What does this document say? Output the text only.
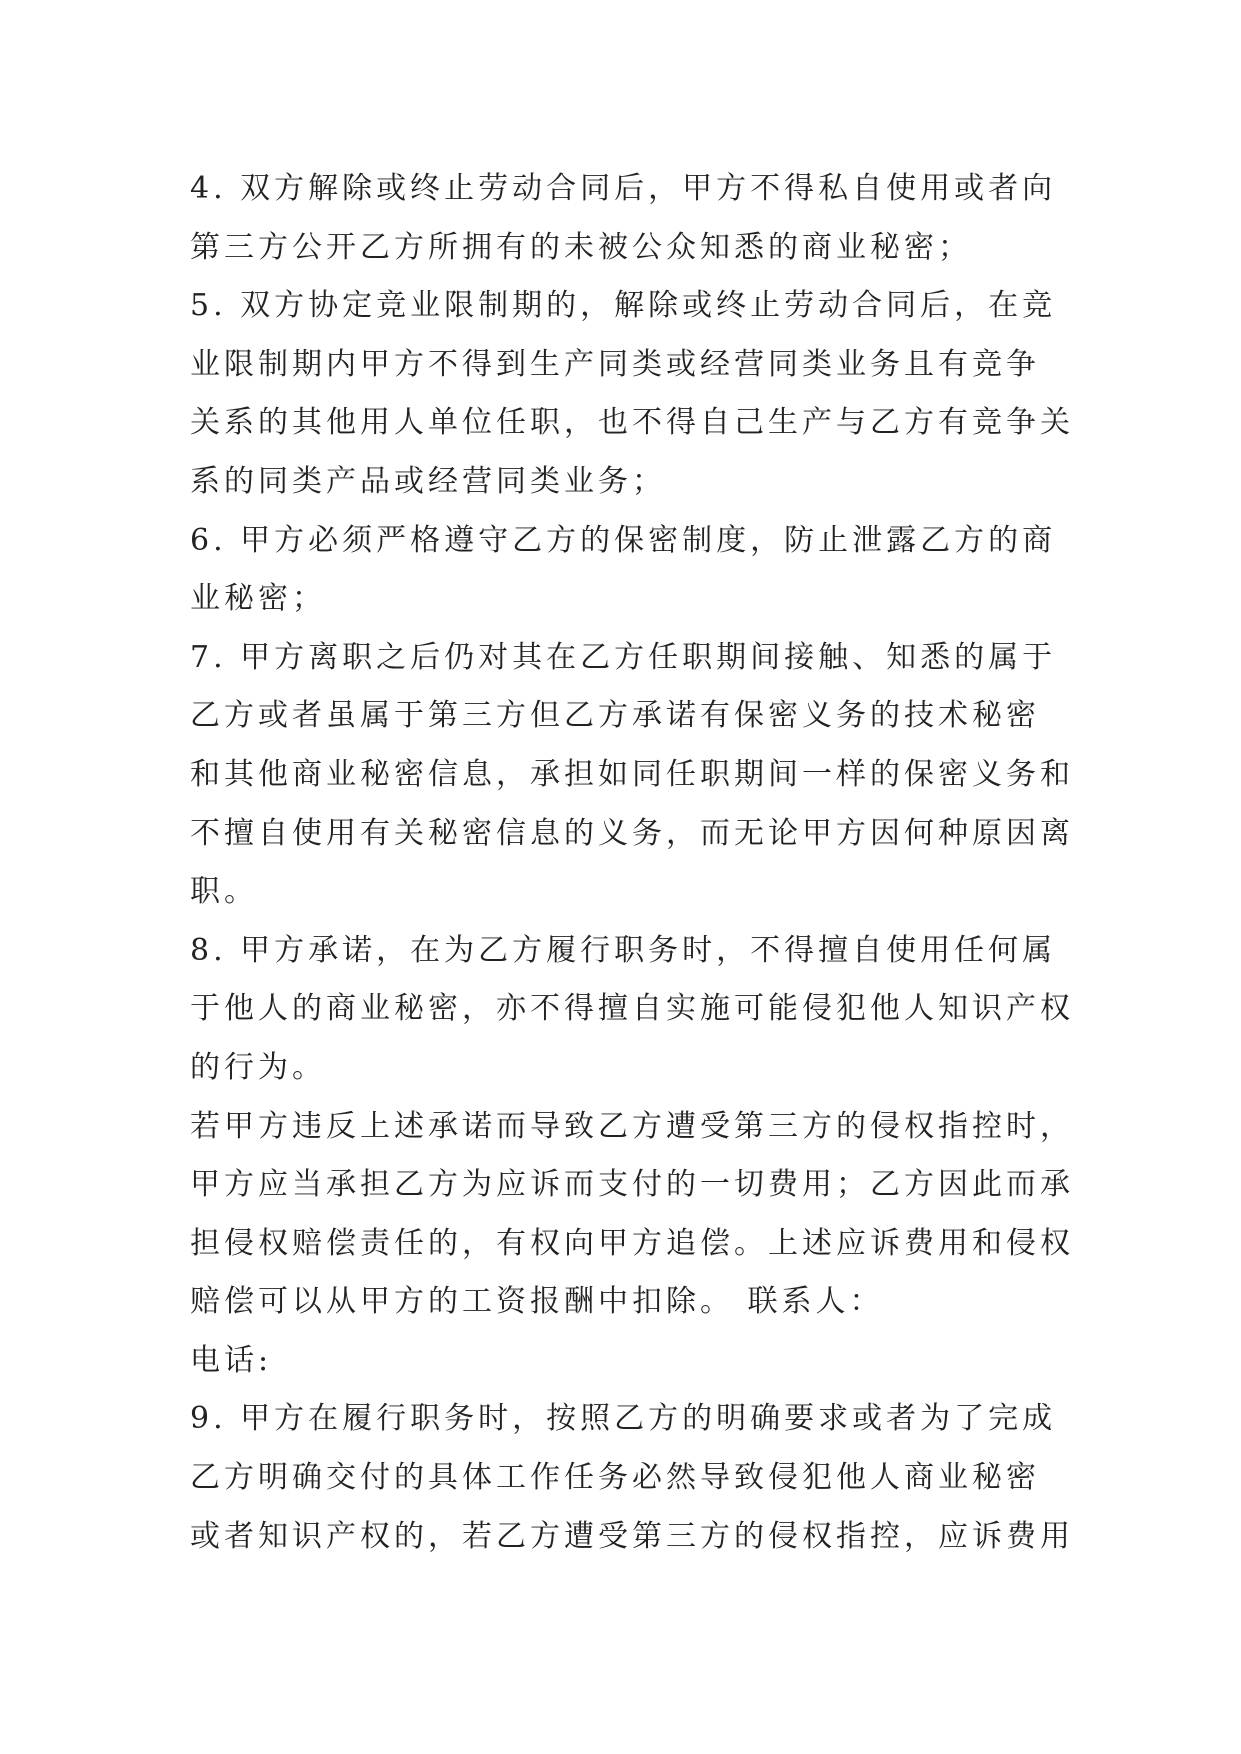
4. 双方解除或终止劳动合同后，甲方不得私自使用或者向
第三方公开乙方所拥有的未被公众知悉的商业秘密；
5. 双方协定竞业限制期的，解除或终止劳动合同后，在竞
业限制期内甲方不得到生产同类或经营同类业务且有竞争
关系的其他用人单位任职，也不得自己生产与乙方有竞争关
系的同类产品或经营同类业务；
6. 甲方必须严格遵守乙方的保密制度，防止泄露乙方的商
业秘密；
7. 甲方离职之后仍对其在乙方任职期间接触、知悉的属于
乙方或者虽属于第三方但乙方承诺有保密义务的技术秘密
和其他商业秘密信息，承担如同任职期间一样的保密义务和
不擅自使用有关秘密信息的义务，而无论甲方因何种原因离
职。
8. 甲方承诺，在为乙方履行职务时，不得擅自使用任何属
于他人的商业秘密，亦不得擅自实施可能侵犯他人知识产权
的行为。
若甲方违反上述承诺而导致乙方遭受第三方的侵权指控时，
甲方应当承担乙方为应诉而支付的一切费用；乙方因此而承
担侵权赔偿责任的，有权向甲方追偿。上述应诉费用和侵权
赔偿可以从甲方的工资报酬中扣除。 联系人：
电话:
9. 甲方在履行职务时，按照乙方的明确要求或者为了完成
乙方明确交付的具体工作任务必然导致侵犯他人商业秘密
或者知识产权的，若乙方遭受第三方的侵权指控，应诉费用
